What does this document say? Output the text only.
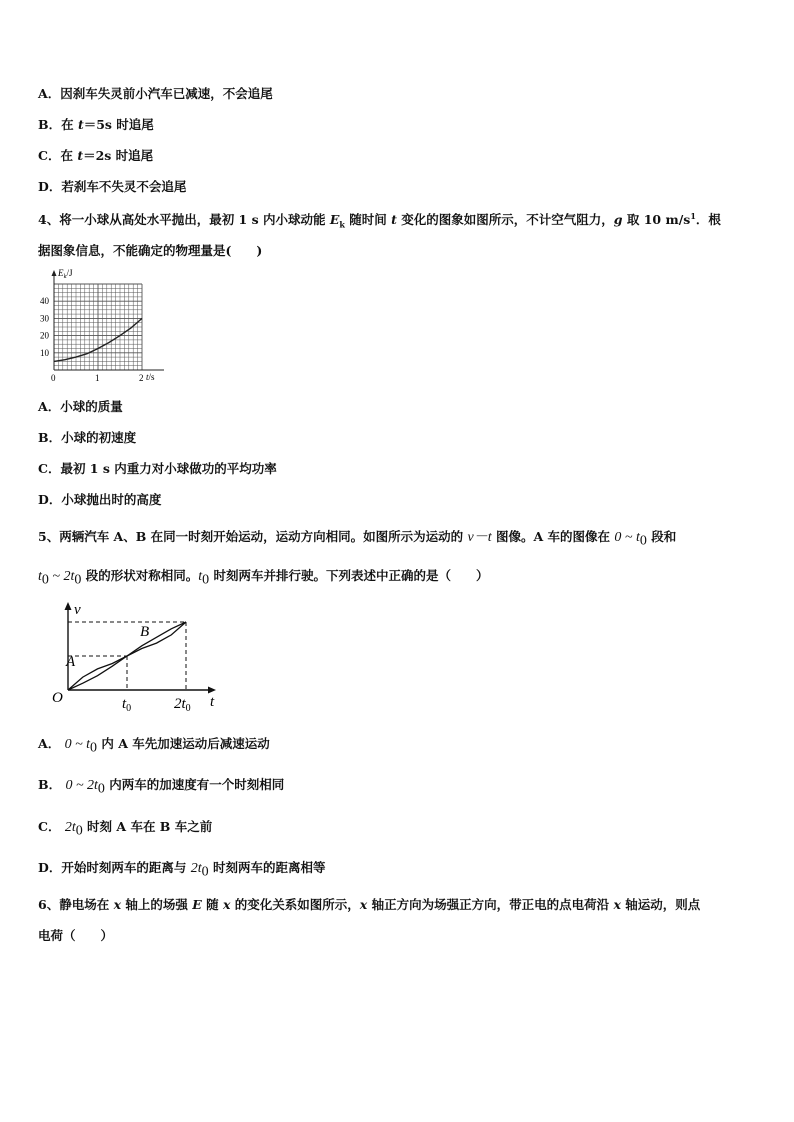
A．因刹车失灵前小汽车已减速，不会追尾
B．在 t＝5s 时追尾
C．在 t＝2s 时追尾
D．若刹车不失灵不会追尾
4、将一小球从高处水平抛出，最初 1 s 内小球动能 $E_k$ 随时间 t 变化的图象如图所示，不计空气阻力，g 取 10 $m/s^1$．根
据图象信息，不能确定的物理量是(　　)
$E_k/J$
t/s
0	1	2
10
20
30
40
A．小球的质量
B．小球的初速度
C．最初 1 s 内重力对小球做功的平均功率
D．小球抛出时的高度
5、两辆汽车 A、B 在同一时刻开始运动，运动方向相同。如图所示为运动的 v－t 图像。A 车的图像在 0 ~ $t_0$ 段和
$t_0$ ~ $2t_0$ 段的形状对称相同。$t_0$ 时刻两车并排行驶。下列表述中正确的是（　　）
v
t
O
A
B
$t_0$	$2t_0$
A． 0 ~ $t_0$ 内 A 车先加速运动后减速运动
B． 0 ~ $2t_0$ 内两车的加速度有一个时刻相同
C． $2t_0$ 时刻 A 车在 B 车之前
D．开始时刻两车的距离与 $2t_0$ 时刻两车的距离相等
6、静电场在 x 轴上的场强 E 随 x 的变化关系如图所示，x 轴正方向为场强正方向，带正电的点电荷沿 x 轴运动，则点
电荷（　　）
